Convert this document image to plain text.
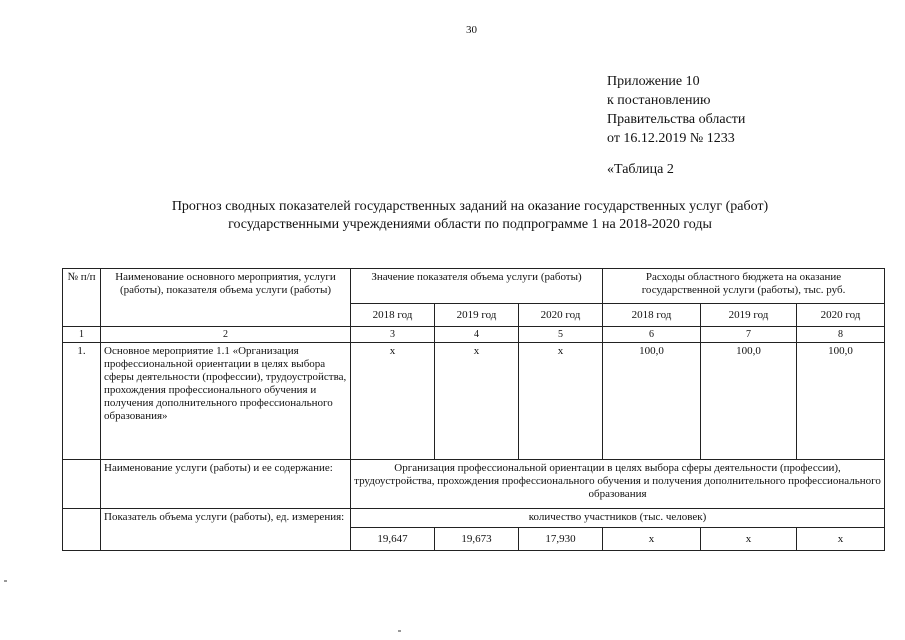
30
Приложение 10
к постановлению
Правительства области
от 16.12.2019 № 1233
«Таблица 2
Прогноз сводных показателей государственных заданий на оказание государственных услуг (работ)
государственными учреждениями области по подпрограмме 1 на 2018-2020 годы
№ п/п	Наименование основного мероприятия, услуги (работы), показателя объема услуги (работы)	Значение показателя объема услуги (работы)			Расходы областного бюджета на оказание государственной услуги (работы), тыс. руб.		
		2018 год	2019 год	2020 год	2018 год	2019 год	2020 год
1	2	3	4	5	6	7	8
1.	Основное мероприятие 1.1 «Организация профессиональной ориентации в целях выбора сферы деятельности (профессии), трудоустройства, прохождения профессионального обучения и получения дополнительного профессионального образования»	x	x	x	100,0	100,0	100,0
	Наименование услуги (работы) и ее содержание:	Организация профессиональной ориентации в целях выбора сферы деятельности (профессии), трудоустройства, прохождения профессионального обучения и получения дополнительного профессионального образования					
	Показатель объема услуги (работы), ед. измерения:	количество участников (тыс. человек)					
		19,647	19,673	17,930	x	x	x
